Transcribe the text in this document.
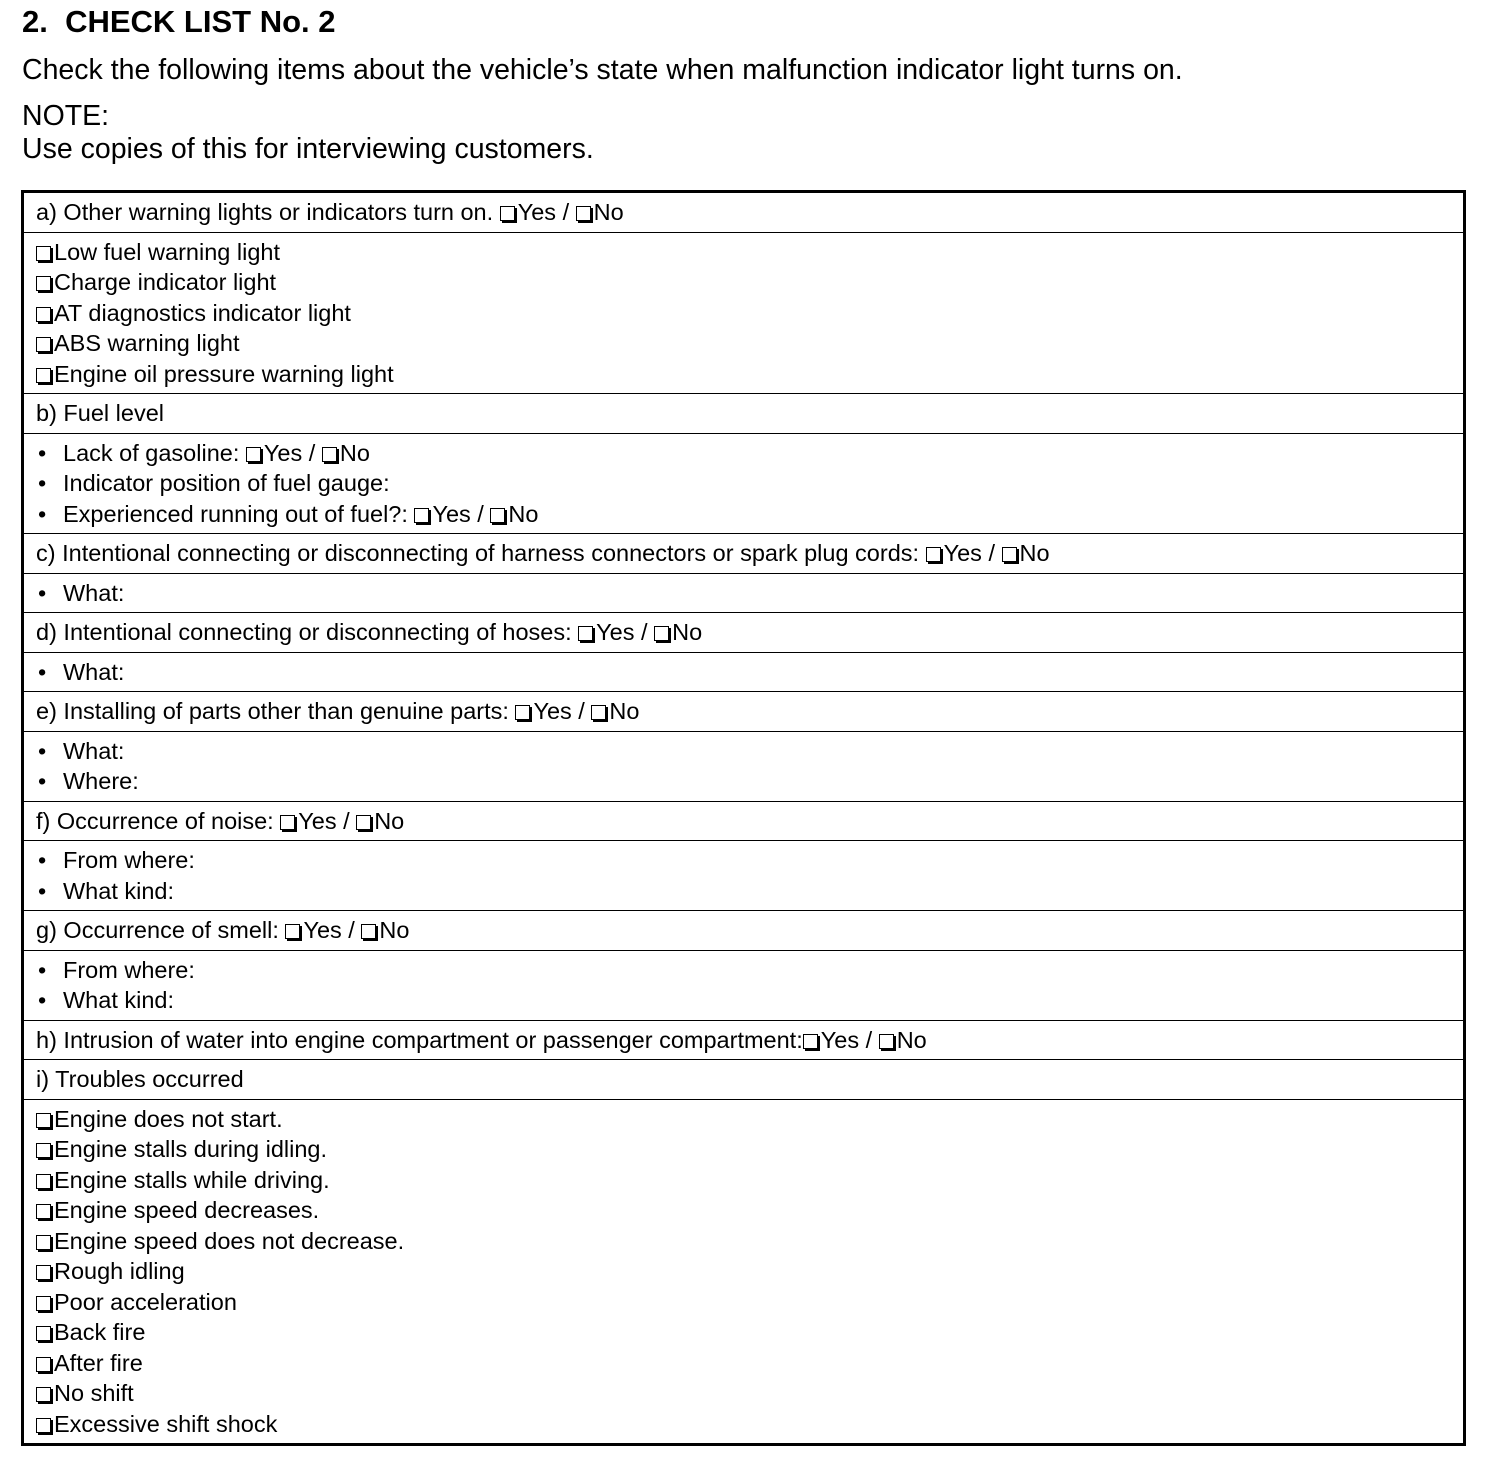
2. CHECK LIST No. 2
Check the following items about the vehicle’s state when malfunction indicator light turns on.
NOTE:
Use copies of this for interviewing customers.
a) Other warning lights or indicators turn on. Yes / No

Low fuel warning light
Charge indicator light
AT diagnostics indicator light
ABS warning light
Engine oil pressure warning light

b) Fuel level

•Lack of gasoline: Yes / No
•Indicator position of fuel gauge:
•Experienced running out of fuel?: Yes / No

c) Intentional connecting or disconnecting of harness connectors or spark plug cords: Yes / No

•What:

d) Intentional connecting or disconnecting of hoses: Yes / No

•What:

e) Installing of parts other than genuine parts: Yes / No

•What:
•Where:

f) Occurrence of noise: Yes / No

•From where:
•What kind:

g) Occurrence of smell: Yes / No

•From where:
•What kind:

h) Intrusion of water into engine compartment or passenger compartment: Yes / No
i) Troubles occurred

Engine does not start.
Engine stalls during idling.
Engine stalls while driving.
Engine speed decreases.
Engine speed does not decrease.
Rough idling
Poor acceleration
Back fire
After fire
No shift
Excessive shift shock
